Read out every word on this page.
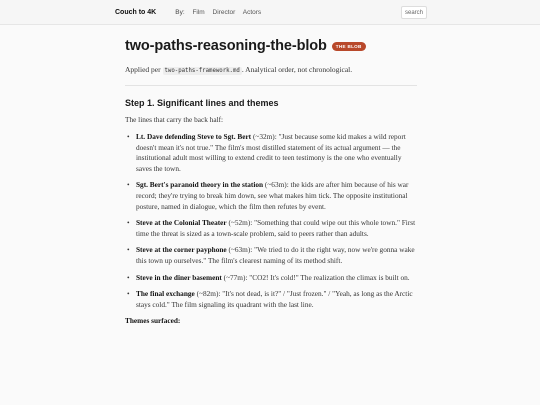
Couch to 4K	By: Film Director Actors	search
two-paths-reasoning-the-blob	THE BLOB

Applied per two-paths-framework.md . Analytical order, not chronological.

Step 1. Significant lines and themes

The lines that carry the back half:

• Lt. Dave defending Steve to Sgt. Bert (~32m): "Just because some kid makes a wild report doesn't mean it's not true." The film's most distilled statement of its actual argument — the institutional adult most willing to extend credit to teen testimony is the one who eventually saves the town.
• Sgt. Bert's paranoid theory in the station (~63m): the kids are after him because of his war record; they're trying to break him down, see what makes him tick. The opposite institutional posture, named in dialogue, which the film then refutes by event.
• Steve at the Colonial Theater (~52m): "Something that could wipe out this whole town." First time the threat is sized as a town-scale problem, said to peers rather than adults.
• Steve at the corner payphone (~63m): "We tried to do it the right way, now we're gonna wake this town up ourselves." The film's clearest naming of its method shift.
• Steve in the diner basement (~77m): "CO2! It's cold!" The realization the climax is built on.
• The final exchange (~82m): "It's not dead, is it?" / "Just frozen." / "Yeah, as long as the Arctic stays cold." The film signaling its quadrant with the last line.

Themes surfaced:
